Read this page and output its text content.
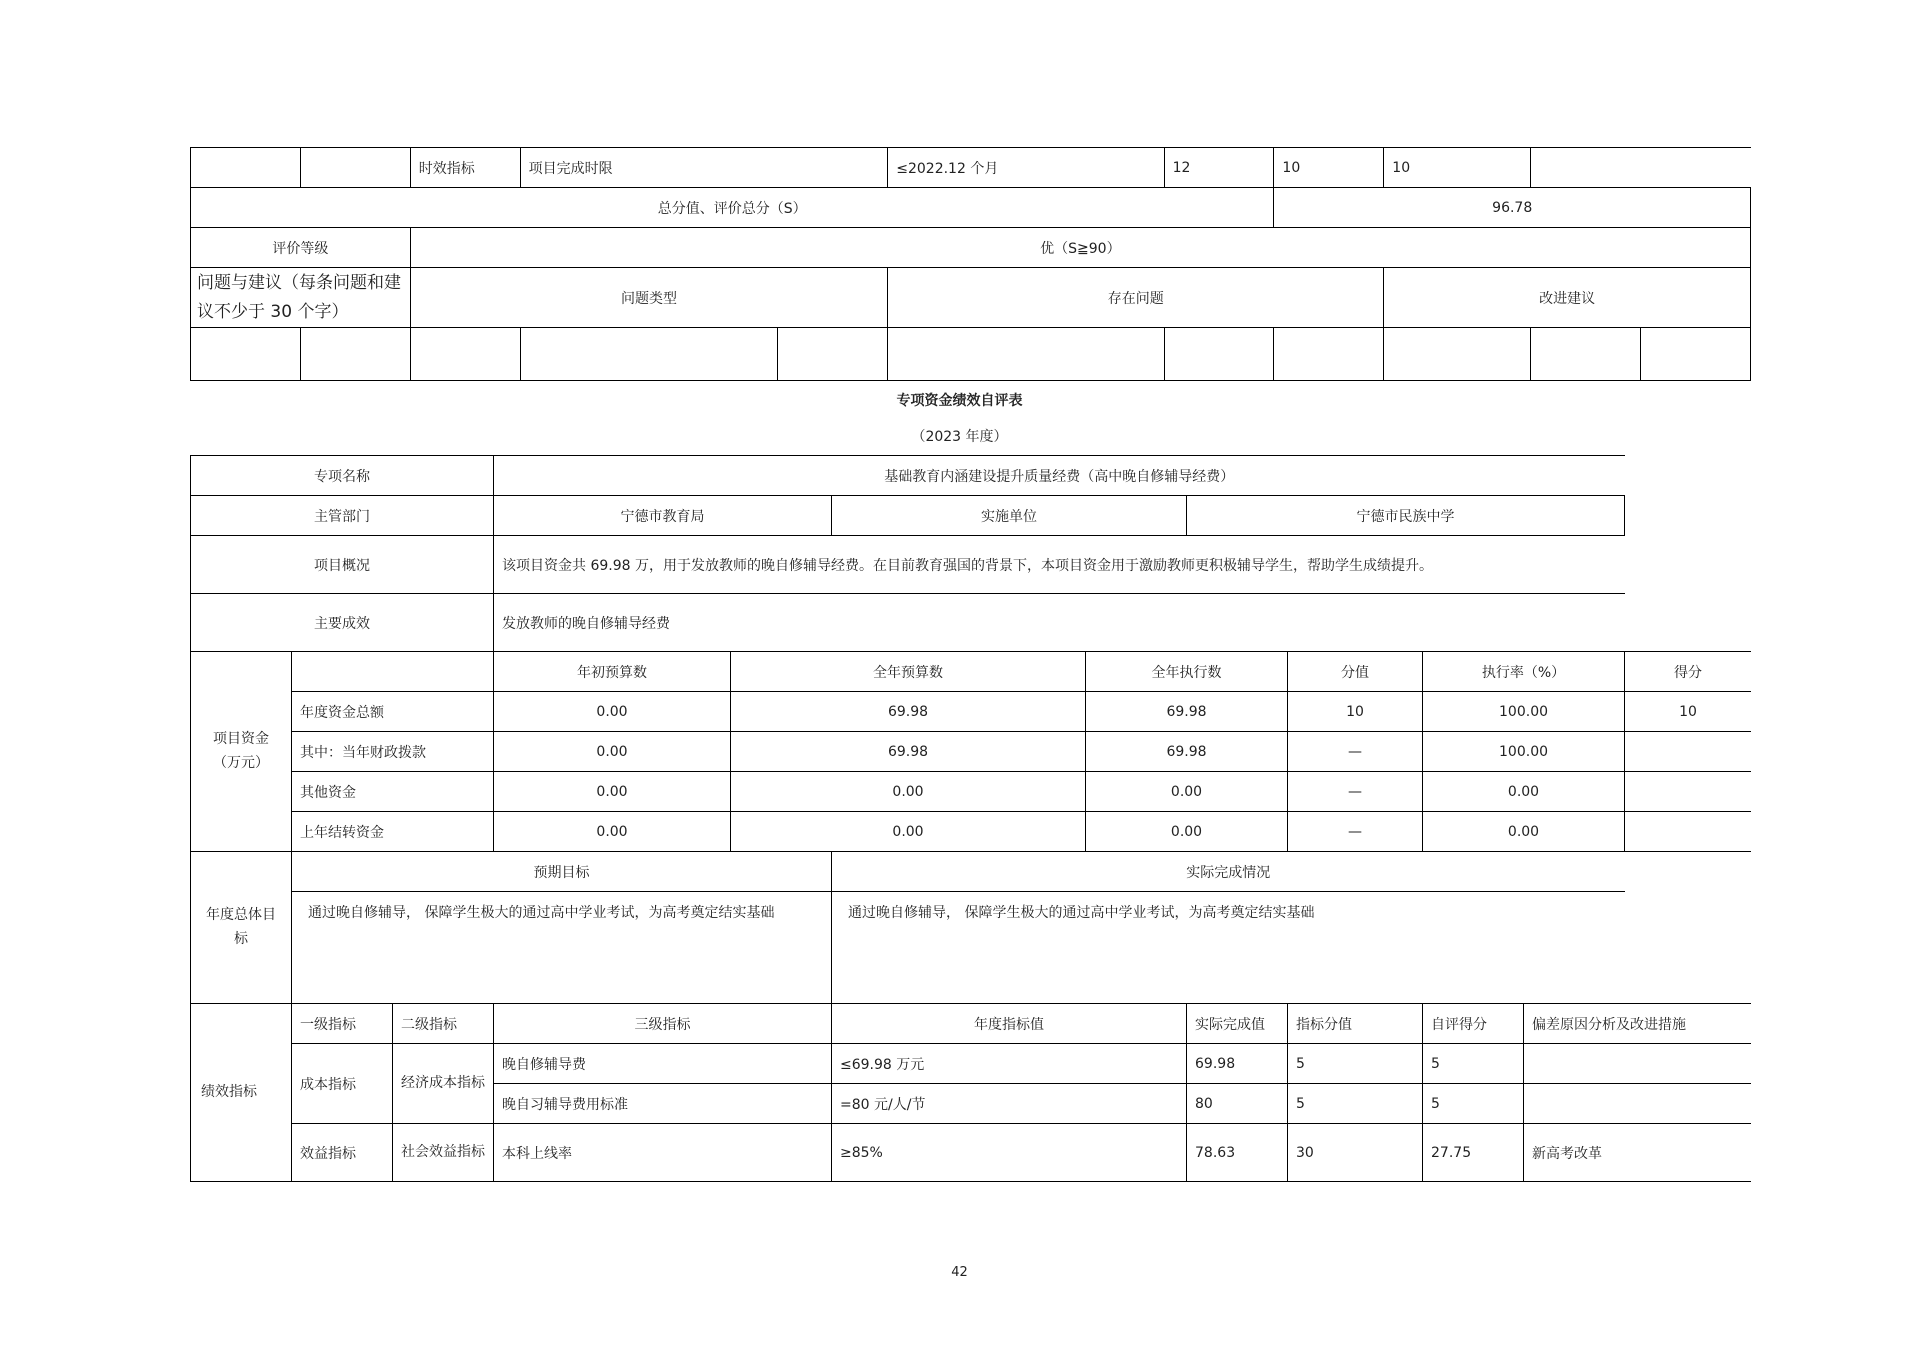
		时效指标	项目完成时限		≤2022.12 个月	12	10	10		
总分值、评价总分（S）							96.78			
评价等级		优（S≧90）								
问题与建议（每条问题和建议不少于 30 个字）		问题类型			存在问题			改进建议		

专项资金绩效自评表
（2023 年度）
专项名称			基础教育内涵建设提升质量经费（高中晚自修辅导经费）								
主管部门			宁德市教育局		实施单位		宁德市民族中学				
项目概况			该项目资金共 69.98 万，用于发放教师的晚自修辅导经费。在目前教育强国的背景下，本项目资金用于激励教师更积极辅导学生，帮助学生成绩提升。								
主要成效			发放教师的晚自修辅导经费								
项目资金（万元）			年初预算数	全年预算数		全年执行数		分值	执行率（%）		得分
	年度资金总额		0.00	69.98		69.98		10	100.00		10
	其中：当年财政拨款		0.00	69.98		69.98		—	100.00		
	其他资金		0.00	0.00		0.00		—	0.00		
	上年结转资金		0.00	0.00		0.00		—	0.00		
年度总体目标	预期目标				实际完成情况						
	通过晚自修辅导， 保障学生极大的通过高中学业考试，为高考奠定结实基础				通过晚自修辅导， 保障学生极大的通过高中学业考试，为高考奠定结实基础						
绩效指标	一级指标	二级指标	三级指标		年度指标值		实际完成值	指标分值	自评得分	偏差原因分析及改进措施	
	成本指标	经济成本指标	晚自修辅导费		≤69.98 万元		69.98	5	5		
			晚自习辅导费用标准		=80 元/人/节		80	5	5		
	效益指标	社会效益指标	本科上线率		≥85%		78.63	30	27.75	新高考改革	
42
